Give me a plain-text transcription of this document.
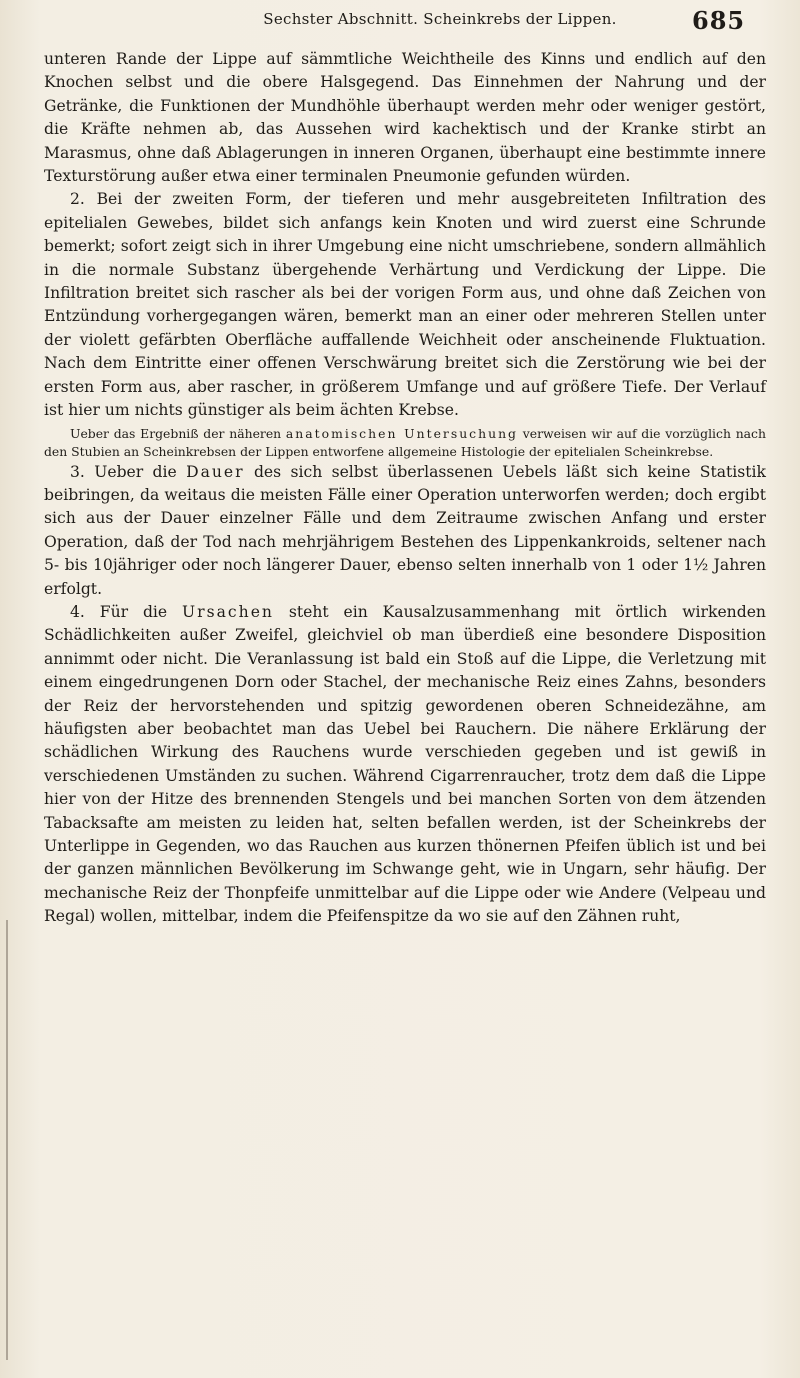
Sechster Abschnitt. Scheinkrebs der Lippen.	685

unteren Rande der Lippe auf sämmtliche Weichtheile des Kinns und endlich auf den Knochen selbst und die obere Halsgegend. Das Einnehmen der Nahrung und der Getränke, die Funktionen der Mundhöhle überhaupt werden mehr oder weniger gestört, die Kräfte nehmen ab, das Aussehen wird kachektisch und der Kranke stirbt an Marasmus, ohne daß Ablagerungen in inneren Organen, überhaupt eine bestimmte innere Texturstörung außer etwa einer terminalen Pneumonie gefunden würden.

2. Bei der zweiten Form, der tieferen und mehr ausgebreiteten Infiltration des epitelialen Gewebes, bildet sich anfangs kein Knoten und wird zuerst eine Schrunde bemerkt; sofort zeigt sich in ihrer Umgebung eine nicht umschriebene, sondern allmählich in die normale Substanz übergehende Verhärtung und Verdickung der Lippe. Die Infiltration breitet sich rascher als bei der vorigen Form aus, und ohne daß Zeichen von Entzündung vorhergegangen wären, bemerkt man an einer oder mehreren Stellen unter der violett gefärbten Oberfläche auffallende Weichheit oder anscheinende Fluktuation. Nach dem Eintritte einer offenen Verschwärung breitet sich die Zerstörung wie bei der ersten Form aus, aber rascher, in größerem Umfange und auf größere Tiefe. Der Verlauf ist hier um nichts günstiger als beim ächten Krebse.

Ueber das Ergebniß der näheren anatomischen Untersuchung verweisen wir auf die vorzüglich nach den Stubien an Scheinkrebsen der Lippen entworfene allgemeine Histologie der epitelialen Scheinkrebse.

3. Ueber die Dauer des sich selbst überlassenen Uebels läßt sich keine Statistik beibringen, da weitaus die meisten Fälle einer Operation unterworfen werden; doch ergibt sich aus der Dauer einzelner Fälle und dem Zeitraume zwischen Anfang und erster Operation, daß der Tod nach mehrjährigem Bestehen des Lippenkankroids, seltener nach 5- bis 10jähriger oder noch längerer Dauer, ebenso selten innerhalb von 1 oder 1½ Jahren erfolgt.

4. Für die Ursachen steht ein Kausalzusammenhang mit örtlich wirkenden Schädlichkeiten außer Zweifel, gleichviel ob man überdieß eine besondere Disposition annimmt oder nicht. Die Veranlassung ist bald ein Stoß auf die Lippe, die Verletzung mit einem eingedrungenen Dorn oder Stachel, der mechanische Reiz eines Zahns, besonders der Reiz der hervorstehenden und spitzig gewordenen oberen Schneidezähne, am häufigsten aber beobachtet man das Uebel bei Rauchern. Die nähere Erklärung der schädlichen Wirkung des Rauchens wurde verschieden gegeben und ist gewiß in verschiedenen Umständen zu suchen. Während Cigarrenraucher, trotz dem daß die Lippe hier von der Hitze des brennenden Stengels und bei manchen Sorten von dem ätzenden Tabacksafte am meisten zu leiden hat, selten befallen werden, ist der Scheinkrebs der Unterlippe in Gegenden, wo das Rauchen aus kurzen thönernen Pfeifen üblich ist und bei der ganzen männlichen Bevölkerung im Schwange geht, wie in Ungarn, sehr häufig. Der mechanische Reiz der Thonpfeife unmittelbar auf die Lippe oder wie Andere (Velpeau und Regal) wollen, mittelbar, indem die Pfeifenspitze da wo sie auf den Zähnen ruht,
